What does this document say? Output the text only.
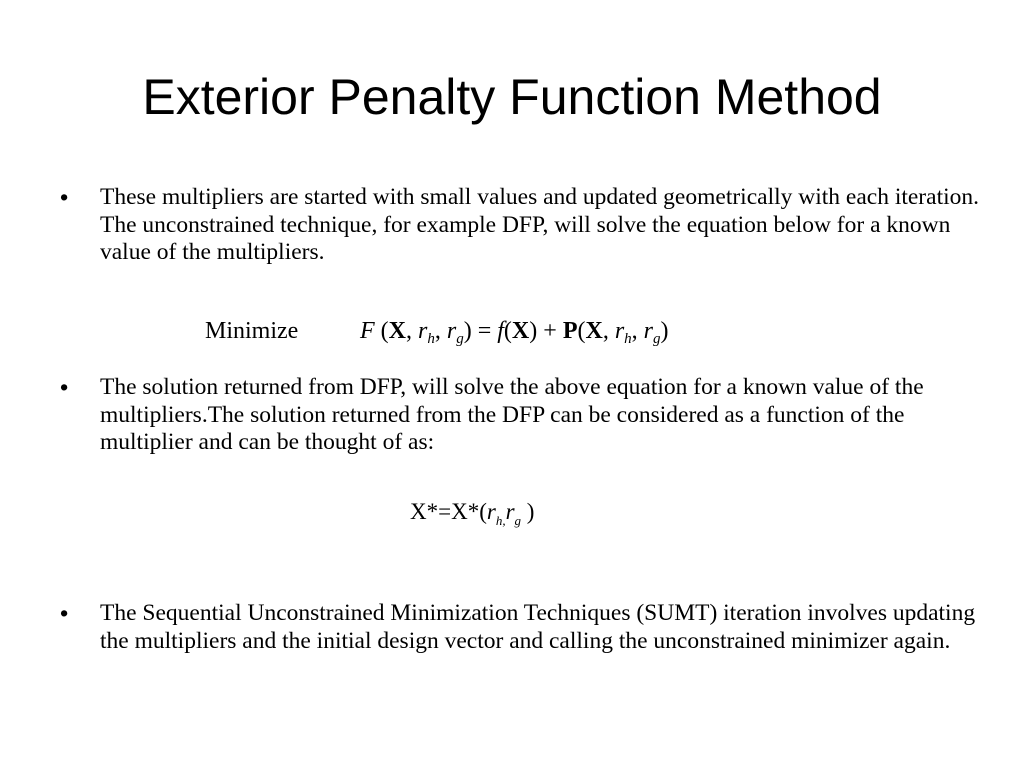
Exterior Penalty Function Method
• These multipliers are started with small values and updated geometrically with each iteration. The unconstrained technique, for example DFP, will solve the equation below for a known value of the multipliers.
Minimize	F (X, $r_h$, $r_g) = f(X) + P(X$, $r_h$, $r_g$)
• The solution returned from DFP, will solve the above equation for a known value of the multipliers.The solution returned from the DFP can be considered as a function of the multiplier and can be thought of as:
$X*=X*(r_{h,}r_g$ )
• The Sequential Unconstrained Minimization Techniques (SUMT) iteration involves updating the multipliers and the initial design vector and calling the unconstrained minimizer again.
